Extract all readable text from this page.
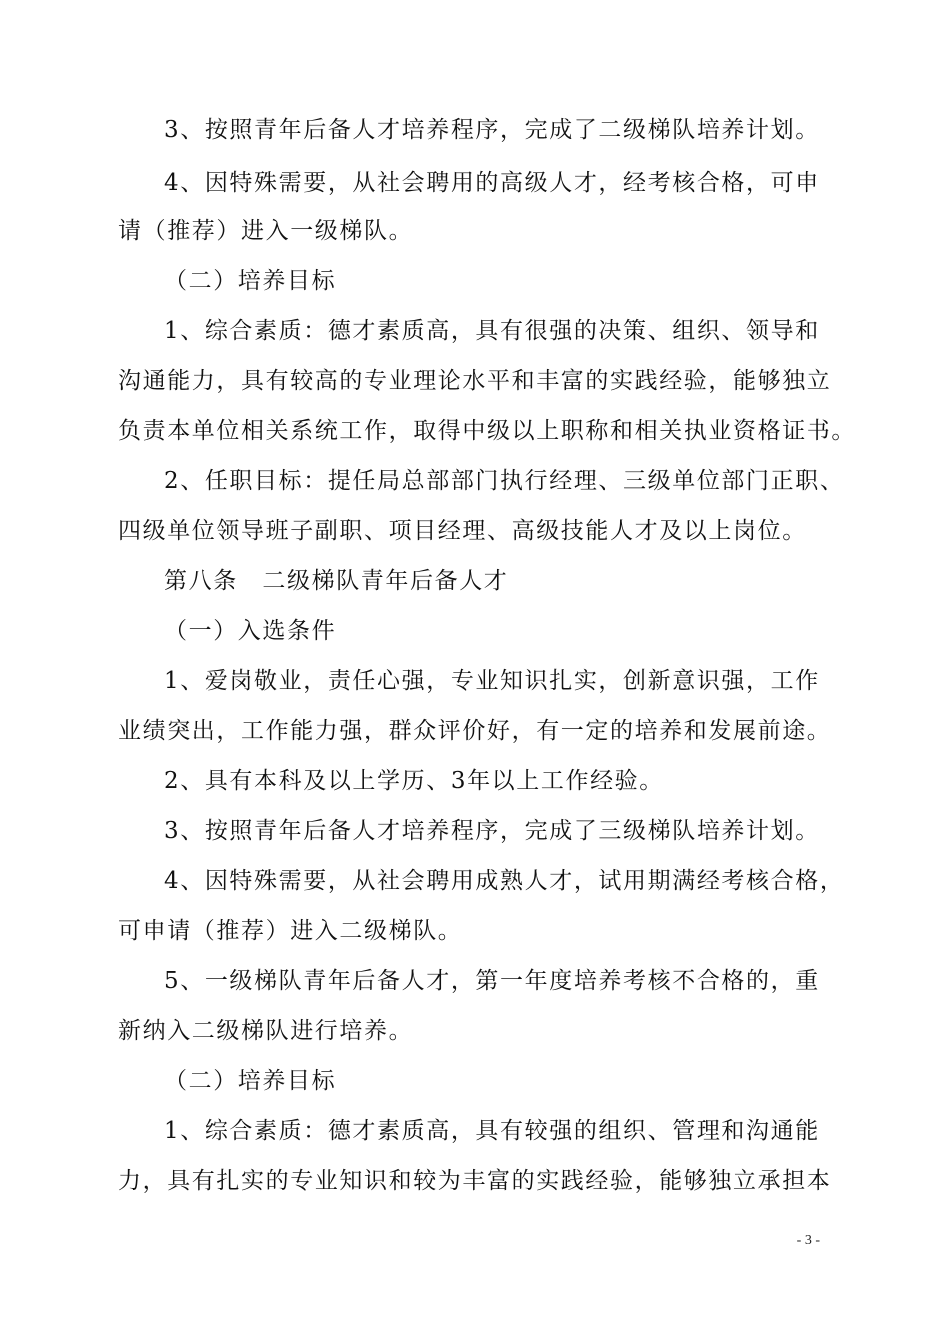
3、按照青年后备人才培养程序，完成了二级梯队培养计划。
4、因特殊需要，从社会聘用的高级人才，经考核合格，可申
请（推荐）进入一级梯队。
（二）培养目标
1、综合素质：德才素质高，具有很强的决策、组织、领导和
沟通能力，具有较高的专业理论水平和丰富的实践经验，能够独立
负责本单位相关系统工作，取得中级以上职称和相关执业资格证书。
2、任职目标：提任局总部部门执行经理、三级单位部门正职、
四级单位领导班子副职、项目经理、高级技能人才及以上岗位。
第八条　二级梯队青年后备人才
（一）入选条件
1、爱岗敬业，责任心强，专业知识扎实，创新意识强，工作
业绩突出，工作能力强，群众评价好，有一定的培养和发展前途。
2、具有本科及以上学历、3年以上工作经验。
3、按照青年后备人才培养程序，完成了三级梯队培养计划。
4、因特殊需要，从社会聘用成熟人才，试用期满经考核合格，
可申请（推荐）进入二级梯队。
5、一级梯队青年后备人才，第一年度培养考核不合格的，重
新纳入二级梯队进行培养。
（二）培养目标
1、综合素质：德才素质高，具有较强的组织、管理和沟通能
力，具有扎实的专业知识和较为丰富的实践经验，能够独立承担本
- 3 -
